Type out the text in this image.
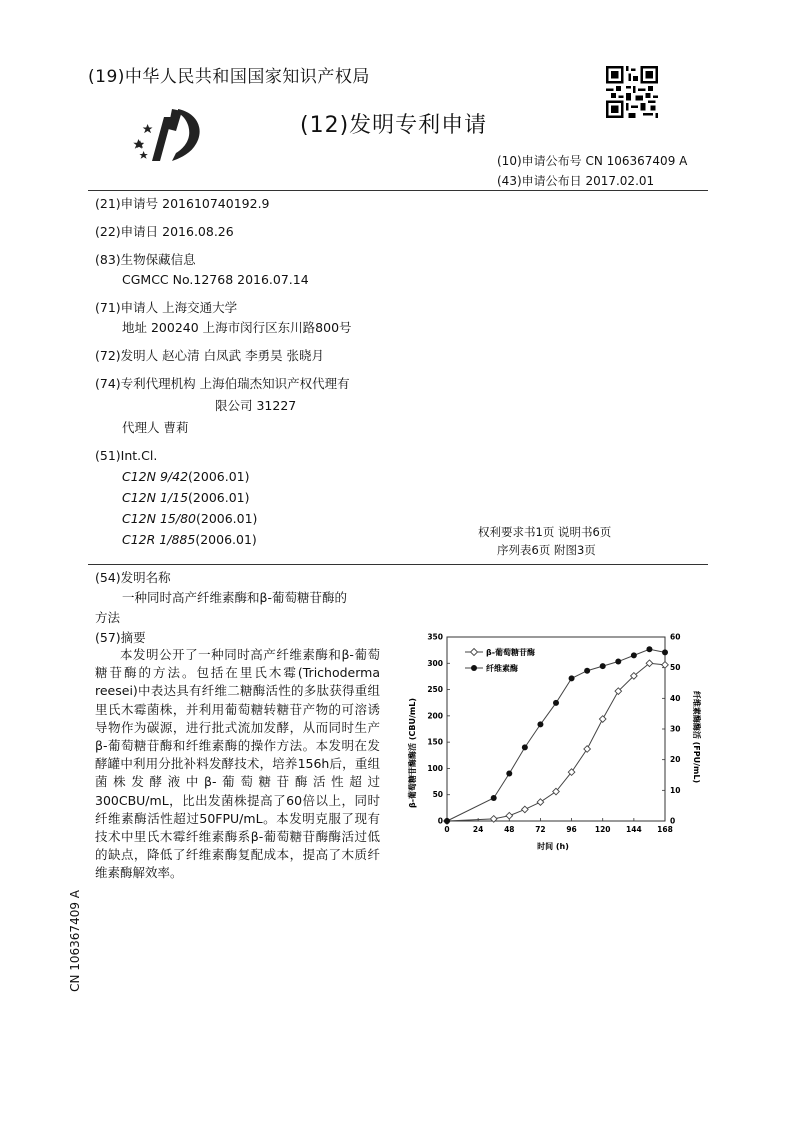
(19)中华人民共和国国家知识产权局
(12)发明专利申请
(10)申请公布号 CN 106367409 A
(43)申请公布日 2017.02.01
(21)申请号 201610740192.9
(22)申请日 2016.08.26
(83)生物保藏信息
CGMCC No.12768 2016.07.14
(71)申请人 上海交通大学
地址 200240 上海市闵行区东川路800号
(72)发明人 赵心清 白凤武 李勇昊 张晓月
(74)专利代理机构 上海伯瑞杰知识产权代理有
限公司 31227
代理人 曹莉
(51)Int.Cl.
C12N 9/42(2006.01)
C12N 1/15(2006.01)
C12N 15/80(2006.01)
C12R 1/885(2006.01)	权利要求书1页 说明书6页
序列表6页 附图3页
(54)发明名称
一种同时高产纤维素酶和β-葡萄糖苷酶的
方法
(57)摘要

本发明公开了一种同时高产纤维素酶和β-葡萄糖苷酶的方法。包括在里氏木霉(Trichoderma reesei)中表达具有纤维二糖酶活性的多肽获得重组里氏木霉菌株，并利用葡萄糖转糖苷产物的可溶诱导物作为碳源，进行批式流加发酵，从而同时生产β-葡萄糖苷酶和纤维素酶的操作方法。本发明在发酵罐中利用分批补料发酵技术，培养156h后，重组菌株发酵液中β-葡萄糖苷酶活性超过300CBU/mL，比出发菌株提高了60倍以上，同时纤维素酶活性超过50FPU/mL。本发明克服了现有技术中里氏木霉纤维素酶系β-葡萄糖苷酶酶活过低的缺点，降低了纤维素酶复配成本，提高了木质纤维素酶解效率。

CN 106367409 A
β-葡萄糖苷酶酶活 (CBU/mL)	纤维素酶酶活 (FPU/mL)
时间 (h)
β-葡萄糖苷酶
纤维素酶
0	24	48	72	96 120 144 168
0
50
100
150
200
250
300
350
0
10
20
30
40
50
60
